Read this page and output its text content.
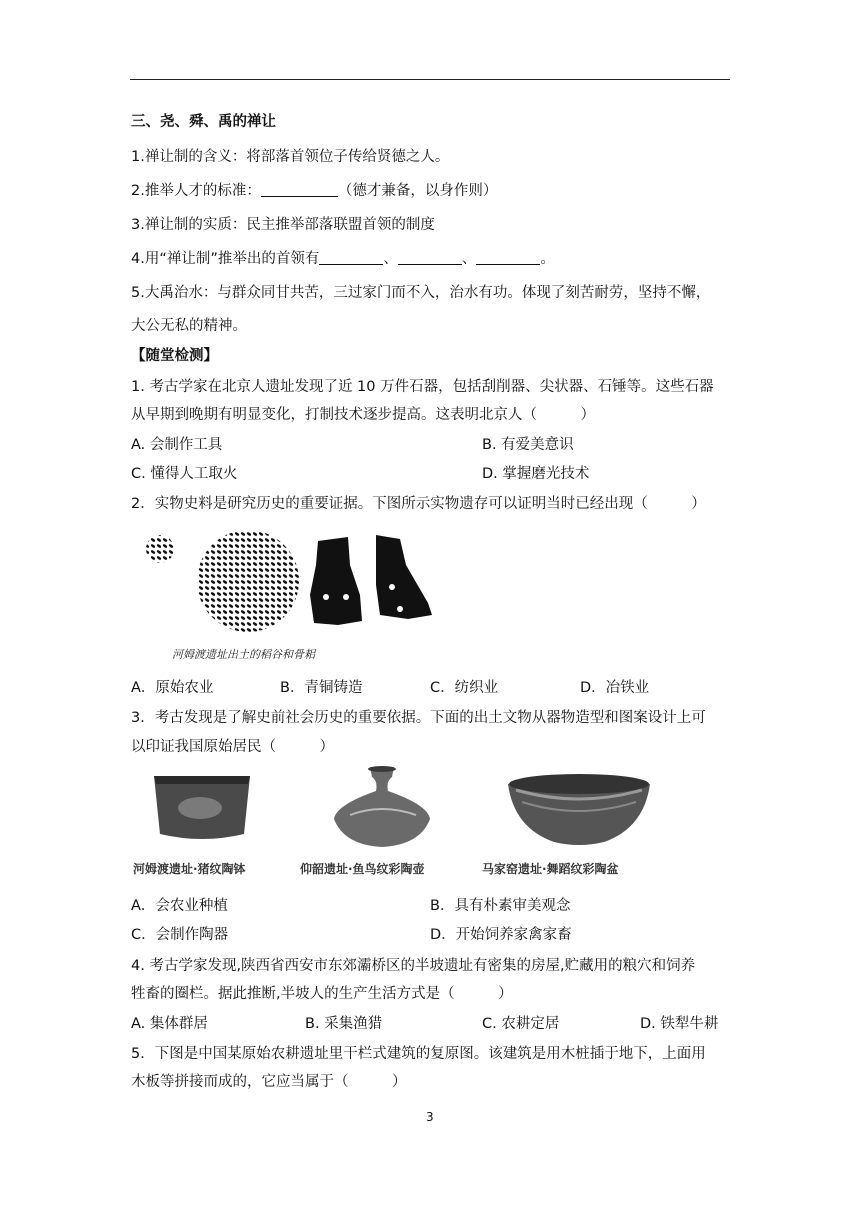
三、尧、舜、禹的禅让
1.禅让制的含义：将部落首领位子传给贤德之人。
2.推举人才的标准：	（德才兼备，以身作则）
3.禅让制的实质：民主推举部落联盟首领的制度
4.用“禅让制”推举出的首领有	、	、	。
5.大禹治水：与群众同甘共苦，三过家门而不入，治水有功。体现了刻苦耐劳，坚持不懈，
大公无私的精神。
【随堂检测】
1. 考古学家在北京人遗址发现了近 10 万件石器，包括刮削器、尖状器、石锤等。这些石器
从早期到晚期有明显变化，打制技术逐步提高。这表明北京人（　　　）
A. 会制作工具	B. 有爱美意识
C. 懂得人工取火	D. 掌握磨光技术
2．实物史料是研究历史的重要证据。下图所示实物遗存可以证明当时已经出现（　　　）
河姆渡遗址出土的稻谷和骨耜
A．原始农业	B．青铜铸造	C．纺织业	D．冶铁业
3．考古发现是了解史前社会历史的重要依据。下面的出土文物从器物造型和图案设计上可
以印证我国原始居民（　　　）
河姆渡遗址·猪纹陶钵	仰韶遗址·鱼鸟纹彩陶壶	马家窑遗址·舞蹈纹彩陶盆
A．会农业种植	B．具有朴素审美观念
C．会制作陶器	D．开始饲养家禽家畜
4. 考古学家发现,陕西省西安市东郊灞桥区的半坡遗址有密集的房屋,贮藏用的粮穴和饲养
牲畜的圈栏。据此推断,半坡人的生产生活方式是（　　　）
A. 集体群居	B. 采集渔猎	C. 农耕定居	D. 铁犁牛耕
5．下图是中国某原始农耕遗址里干栏式建筑的复原图。该建筑是用木桩插于地下，上面用
木板等拼接而成的，它应当属于（　　　）
3
